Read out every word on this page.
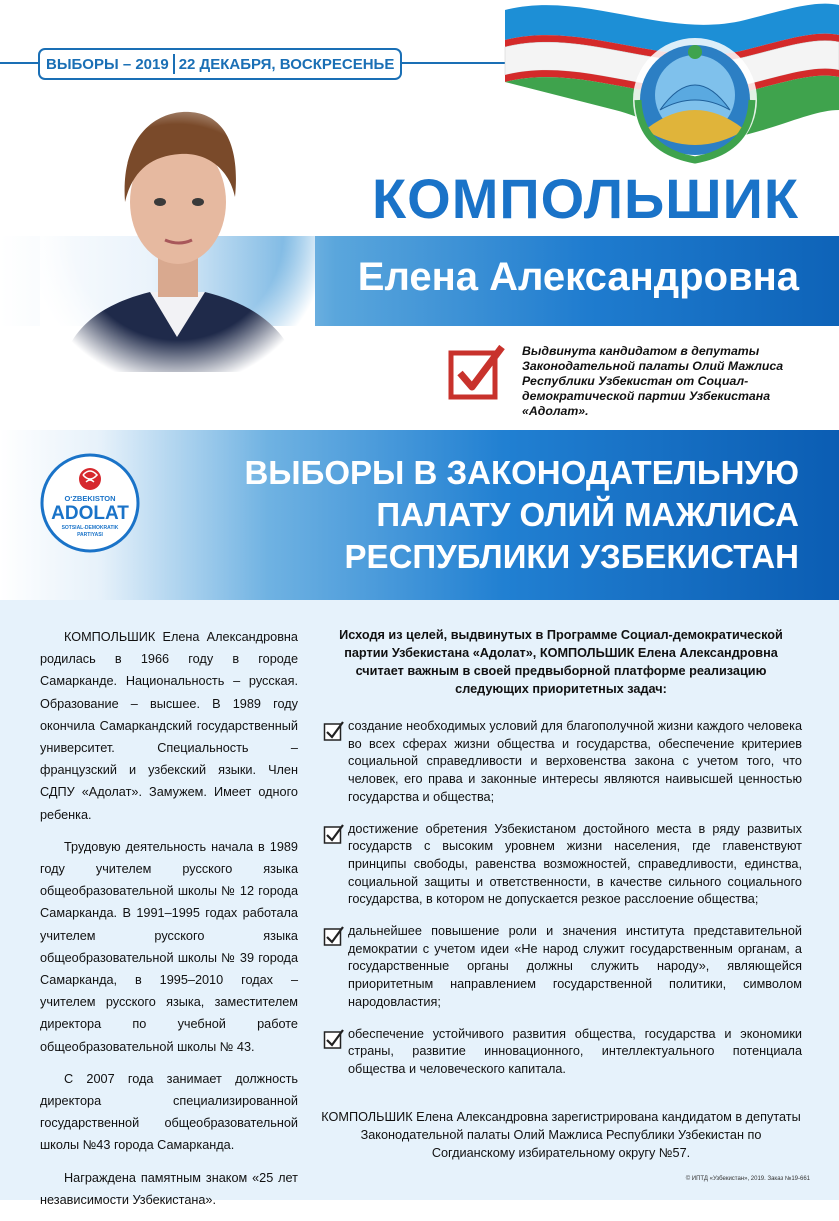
ВЫБОРЫ – 2019 22 ДЕКАБРЯ, ВОСКРЕСЕНЬЕ
КОМПОЛЬШИК
Елена Александровна
Выдвинута кандидатом в депутаты Законодательной палаты Олий Мажлиса Республики Узбекистан от Социал-демократической партии Узбекистана «Адолат».
ВЫБОРЫ В ЗАКОНОДАТЕЛЬНУЮ
ПАЛАТУ ОЛИЙ МАЖЛИСА
РЕСПУБЛИКИ УЗБЕКИСТАН
O‘ZBEKISTON
ADOLAT
SOTSIAL-DEMOKRATIK
PARTIYASI

КОМПОЛЬШИК Елена Александровна родилась в 1966 году в городе Самарканде. Национальность – русская. Образование – высшее. В 1989 году окончила Самаркандский государственный университет. Специальность – французский и узбекский языки. Член СДПУ «Адолат». Замужем. Имеет одного ребенка.

Трудовую деятельность начала в 1989 году учителем русского языка общеобразовательной школы № 12 города Самарканда. В 1991–1995 годах работала учителем русского языка общеобразовательной школы № 39 города Самарканда, в 1995–2010 годах – учителем русского языка, заместителем директора по учебной работе общеобразовательной школы № 43.

С 2007 года занимает должность директора специализированной государственной общеобразовательной школы №43 города Самарканда.

Награждена памятным знаком «25 лет независимости Узбекистана».

Исходя из целей, выдвинутых в Программе Социал-демократической партии Узбекистана «Адолат», КОМПОЛЬШИК Елена Александровна считает важным в своей предвыборной платформе реализацию следующих приоритетных задач:
создание необходимых условий для благополучной жизни каждого человека во всех сферах жизни общества и государства, обеспечение критериев социальной справедливости и верховенства закона с учетом того, что человек, его права и законные интересы являются наивысшей ценностью государства и общества;
достижение обретения Узбекистаном достойного места в ряду развитых государств с высоким уровнем жизни населения, где главенствуют принципы свободы, равенства возможностей, справедливости, единства, социальной защиты и ответственности, в качестве сильного социального государства, в котором не допускается резкое расслоение общества;
дальнейшее повышение роли и значения института представительной демократии с учетом идеи «Не народ служит государственным органам, а государственные органы должны служить народу», являющейся приоритетным направлением государственной политики, символом народовластия;
обеспечение устойчивого развития общества, государства и экономики страны, развитие инновационного, интеллектуального потенциала общества и человеческого капитала.
КОМПОЛЬШИК Елена Александровна зарегистрирована кандидатом в депутаты Законодательной палаты Олий Мажлиса Республики Узбекистан по Согдианскому избирательному округу №57.
© ИПТД «Узбекистан», 2019. Заказ №19-661
